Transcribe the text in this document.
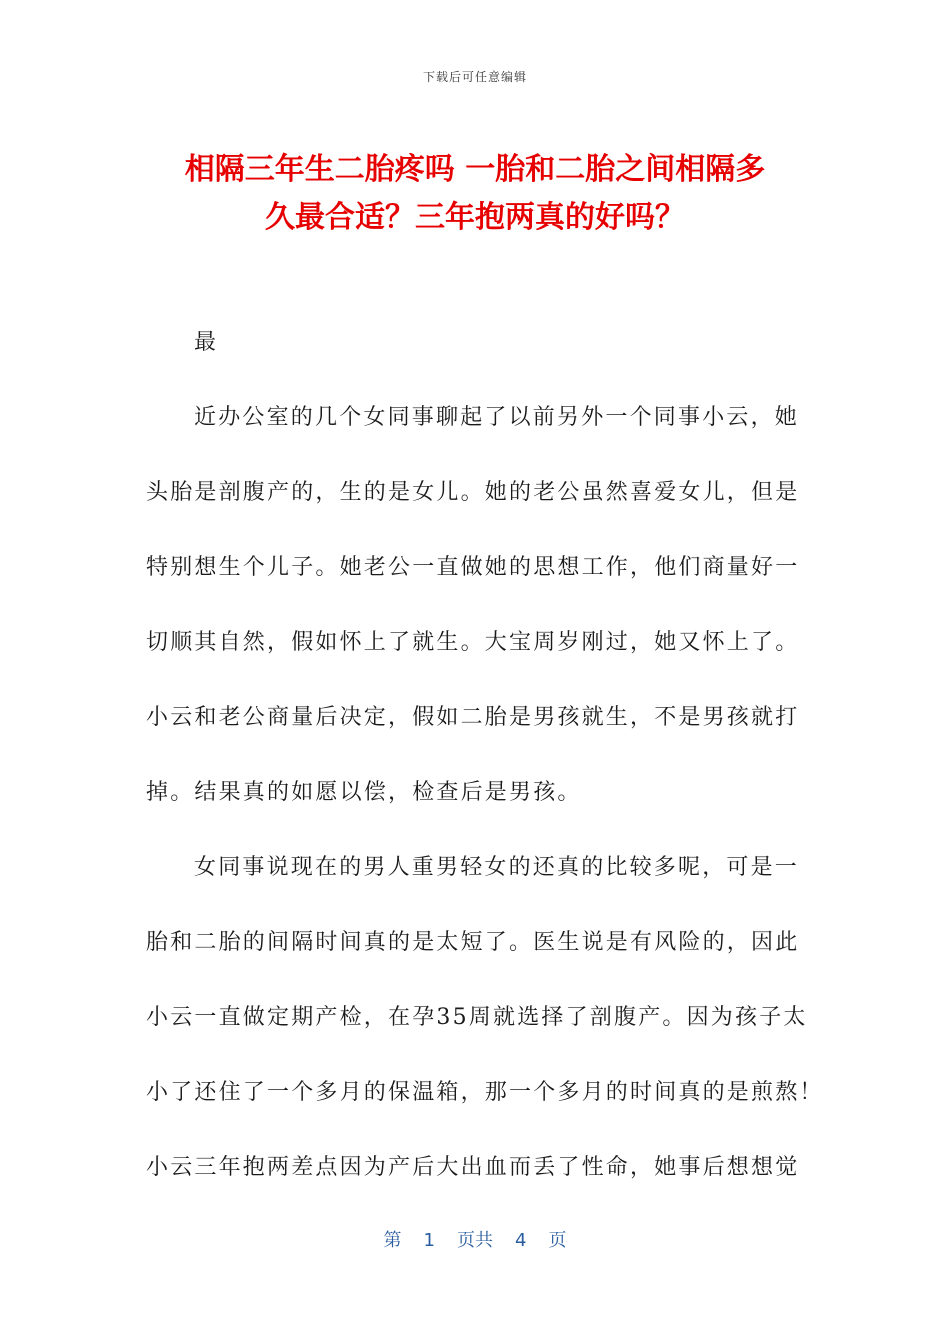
下载后可任意编辑
相隔三年生二胎疼吗 一胎和二胎之间相隔多
久最合适？三年抱两真的好吗？
最
近办公室的几个女同事聊起了以前另外一个同事小云，她
头胎是剖腹产的，生的是女儿。她的老公虽然喜爱女儿，但是
特别想生个儿子。她老公一直做她的思想工作，他们商量好一
切顺其自然，假如怀上了就生。大宝周岁刚过，她又怀上了。
小云和老公商量后决定，假如二胎是男孩就生，不是男孩就打
掉。结果真的如愿以偿，检查后是男孩。
女同事说现在的男人重男轻女的还真的比较多呢，可是一
胎和二胎的间隔时间真的是太短了。医生说是有风险的，因此
小云一直做定期产检，在孕35周就选择了剖腹产。因为孩子太
小了还住了一个多月的保温箱，那一个多月的时间真的是煎熬！
小云三年抱两差点因为产后大出血而丢了性命，她事后想想觉
第 1 页共 4 页
